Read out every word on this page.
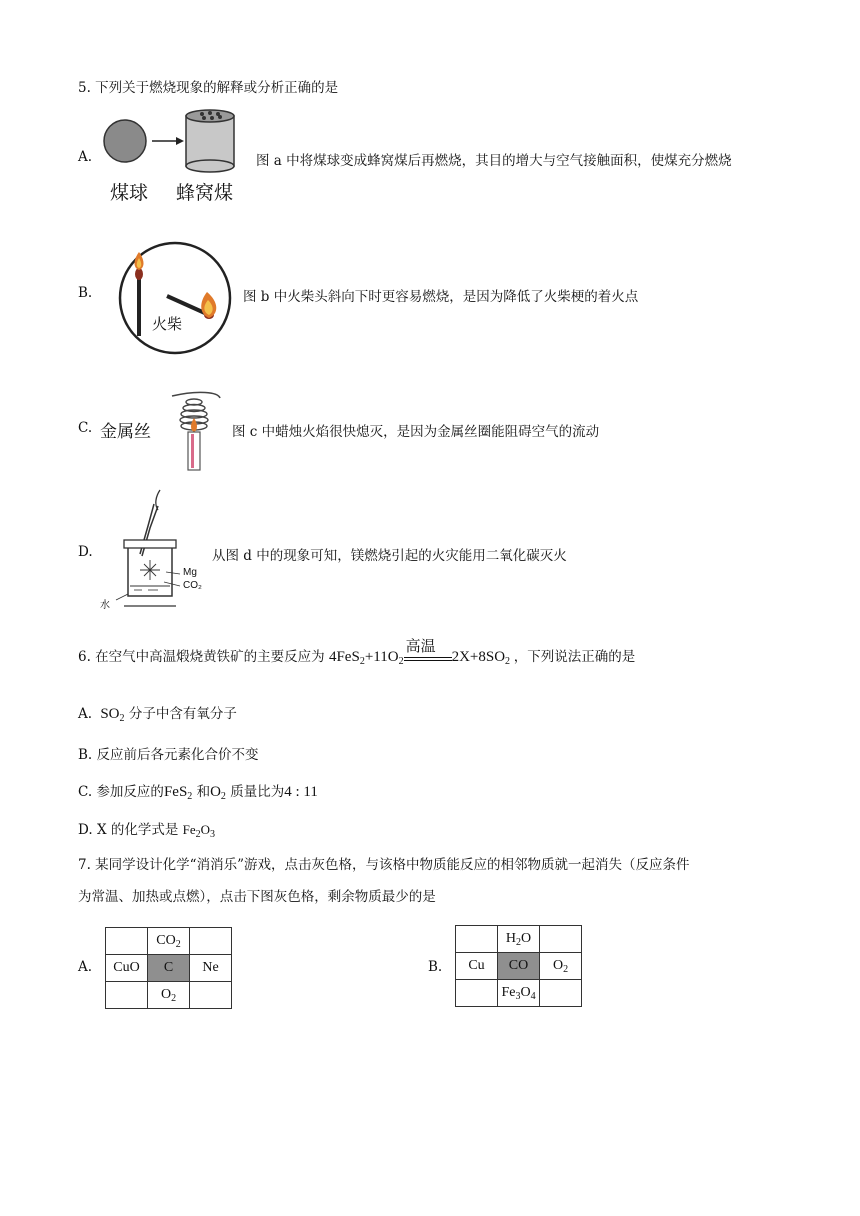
5. 下列关于燃烧现象的解释或分析正确的是
A.
煤球 蜂窝煤
图 a 中将煤球变成蜂窝煤后再燃烧，其目的增大与空气接触面积，使煤充分燃烧
B.
火柴
图 b 中火柴头斜向下时更容易燃烧，是因为降低了火柴梗的着火点
C. 金属丝	图 c 中蜡烛火焰很快熄灭，是因为金属丝圈能阻碍空气的流动
D.
Mg
CO₂
水
从图 d 中的现象可知，镁燃烧引起的火灾能用二氧化碳灭火
6. 在空气中高温煅烧黄铁矿的主要反应为 $4FeS_2+11O_2$
高温
$2X+8SO_2$ ，下列说法正确的是
A. $SO_2$ 分子中含有氧分子
B. 反应前后各元素化合价不变
C. 参加反应的FeS$_2$ 和$O_2$ 质量比为4 : 11
D. X 的化学式是 $Fe_2O_3$
7. 某同学设计化学“消消乐”游戏，点击灰色格，与该格中物质能反应的相邻物质就一起消失（反应条件
为常温、加热或点燃），点击下图灰色格，剩余物质最少的是
A.
	$CO_2$	
CuO	C	Ne
	$O_2$	
B.
	$H_2O$	
Cu	CO	$O_2$
	$Fe_3O_4$	
